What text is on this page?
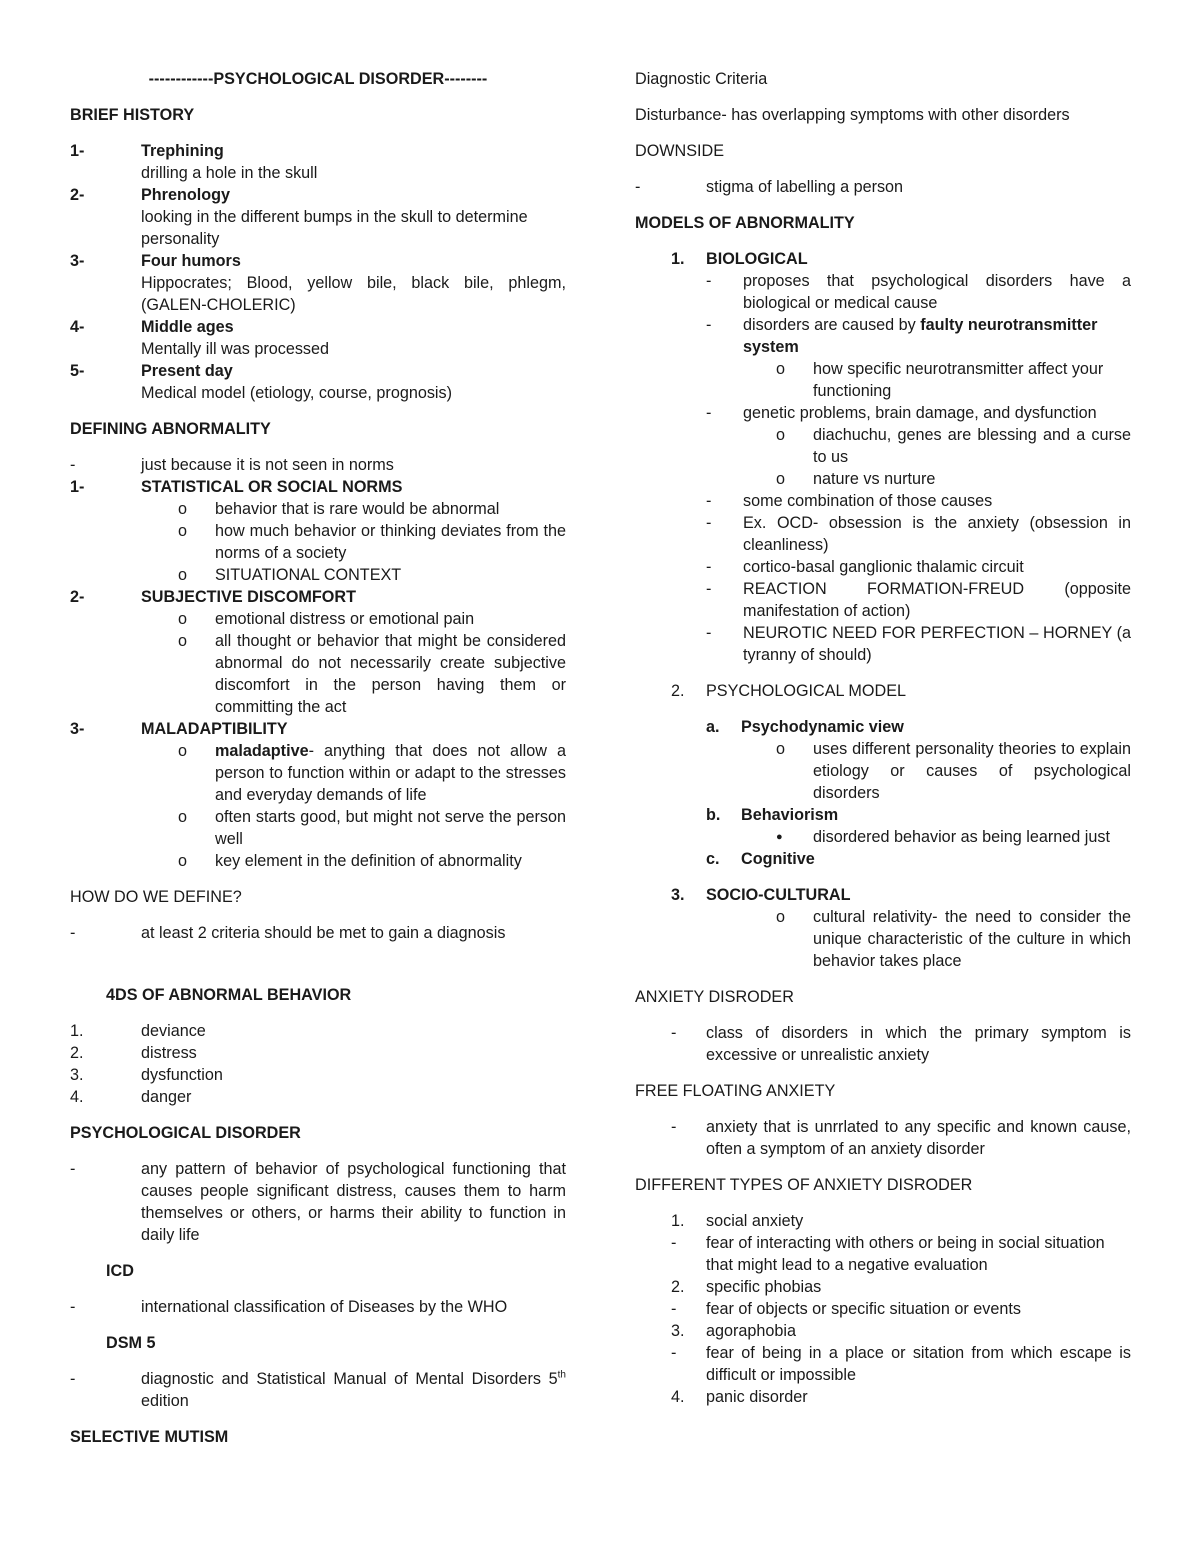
------------PSYCHOLOGICAL DISORDER--------
BRIEF HISTORY
1-	Trephining
drilling a hole in the skull
2-	Phrenology
looking in the different bumps in the skull to determine personality
3-	Four humors
Hippocrates; Blood, yellow bile, black bile, phlegm, (GALEN-CHOLERIC)
4-	Middle ages
Mentally ill was processed
5-	Present day
Medical model (etiology, course, prognosis)
DEFINING ABNORMALITY
-	just because it is not seen in norms
1-	STATISTICAL OR SOCIAL NORMS
o	behavior that is rare would be abnormal
o	how much behavior or thinking deviates from the norms of a society
o	SITUATIONAL CONTEXT
2-	SUBJECTIVE DISCOMFORT
o	emotional distress or emotional pain
o	all thought or behavior that might be considered abnormal do not necessarily create subjective discomfort in the person having them or committing the act
3-	MALADAPTIBILITY
o	maladaptive- anything that does not allow a person to function within or adapt to the stresses and everyday demands of life
o	often starts good, but might not serve the person well
o	key element in the definition of abnormality
HOW DO WE DEFINE?
-	at least 2 criteria should be met to gain a diagnosis
4DS OF ABNORMAL BEHAVIOR
1.	deviance
2.	distress
3.	dysfunction
4.	danger
PSYCHOLOGICAL DISORDER
-	any pattern of behavior of psychological functioning that causes people significant distress, causes them to harm themselves or others, or harms their ability to function in daily life
ICD
-	international classification of Diseases by the WHO
DSM 5
-	diagnostic and Statistical Manual of Mental Disorders 5th edition
SELECTIVE MUTISM
Diagnostic Criteria
Disturbance- has overlapping symptoms with other disorders
DOWNSIDE
-	stigma of labelling a person
MODELS OF ABNORMALITY
1.	BIOLOGICAL
-	proposes that psychological disorders have a biological or medical cause
-	disorders are caused by faulty neurotransmitter system
o	how specific neurotransmitter affect your functioning
-	genetic problems, brain damage, and dysfunction
o	diachuchu, genes are blessing and a curse to us
o	nature vs nurture
-	some combination of those causes
-	Ex. OCD- obsession is the anxiety (obsession in cleanliness)
-	cortico-basal ganglionic thalamic circuit
-	REACTION FORMATION-FREUD (opposite manifestation of action)
-	NEUROTIC NEED FOR PERFECTION – HORNEY (a tyranny of should)
2.	PSYCHOLOGICAL MODEL
a.	Psychodynamic view
o	uses different personality theories to explain etiology or causes of psychological disorders
b.	Behaviorism
●	disordered behavior as being learned just
c.	Cognitive
3.	SOCIO-CULTURAL
o	cultural relativity- the need to consider the unique characteristic of the culture in which behavior takes place
ANXIETY DISRODER
-	class of disorders in which the primary symptom is excessive or unrealistic anxiety
FREE FLOATING ANXIETY
-	anxiety that is unrrlated to any specific and known cause, often a symptom of an anxiety disorder
DIFFERENT TYPES OF ANXIETY DISRODER
1.	social anxiety
-	fear of interacting with others or being in social situation that might lead to a negative evaluation
2.	specific phobias
-	fear of objects or specific situation or events
3.	agoraphobia
-	fear of being in a place or sitation from which escape is difficult or impossible
4.	panic disorder
